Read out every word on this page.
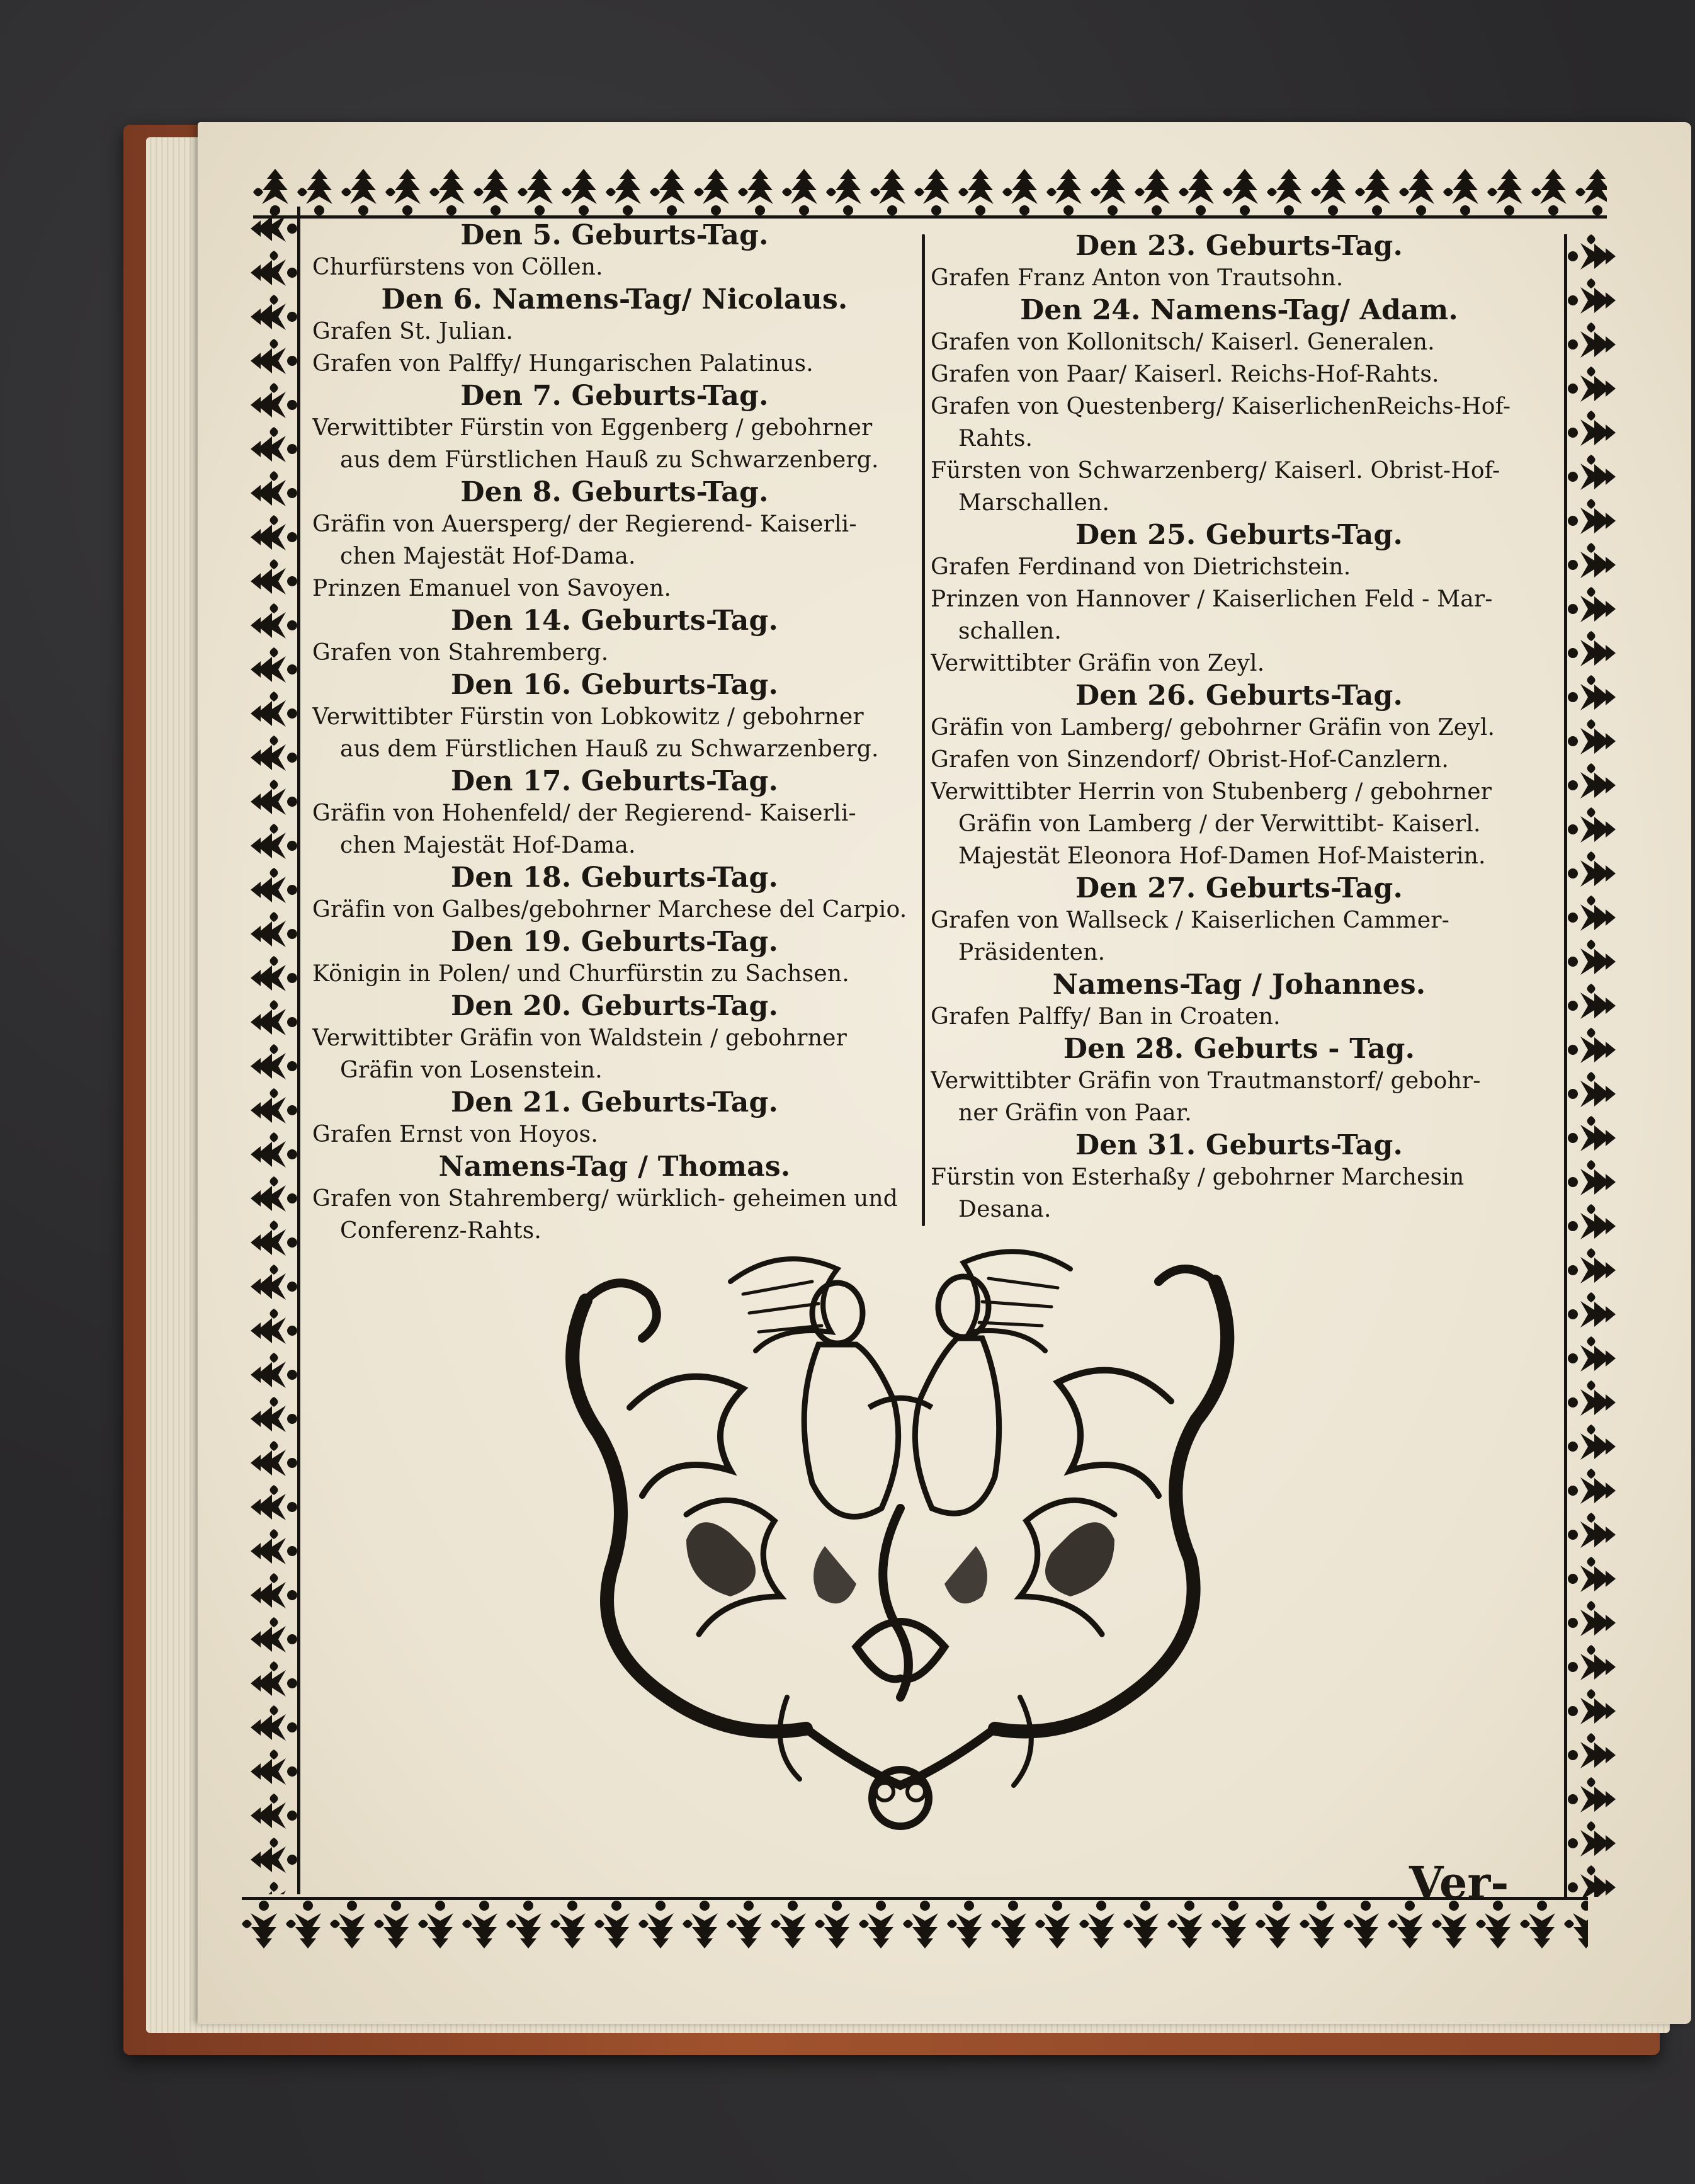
Den 5. Geburts-Tag.
Churfürstens von Cöllen.
Den 6. Namens-Tag/ Nicolaus.
Grafen St. Julian.
Grafen von Palffy/ Hungarischen Palatinus.
Den 7. Geburts-Tag.
Verwittibter Fürstin von Eggenberg / gebohrner
aus dem Fürstlichen Hauß zu Schwarzenberg.
Den 8. Geburts-Tag.
Gräfin von Auersperg/ der Regierend- Kaiserli-
chen Majestät Hof-Dama.
Prinzen Emanuel von Savoyen.
Den 14. Geburts-Tag.
Grafen von Stahremberg.
Den 16. Geburts-Tag.
Verwittibter Fürstin von Lobkowitz / gebohrner
aus dem Fürstlichen Hauß zu Schwarzenberg.
Den 17. Geburts-Tag.
Gräfin von Hohenfeld/ der Regierend- Kaiserli-
chen Majestät Hof-Dama.
Den 18. Geburts-Tag.
Gräfin von Galbes/gebohrner Marchese del Carpio.
Den 19. Geburts-Tag.
Königin in Polen/ und Churfürstin zu Sachsen.
Den 20. Geburts-Tag.
Verwittibter Gräfin von Waldstein / gebohrner
Gräfin von Losenstein.
Den 21. Geburts-Tag.
Grafen Ernst von Hoyos.
Namens-Tag / Thomas.
Grafen von Stahremberg/ würklich- geheimen und
Conferenz-Rahts.
Den 23. Geburts-Tag.
Grafen Franz Anton von Trautsohn.
Den 24. Namens-Tag/ Adam.
Grafen von Kollonitsch/ Kaiserl. Generalen.
Grafen von Paar/ Kaiserl. Reichs-Hof-Rahts.
Grafen von Questenberg/ KaiserlichenReichs-Hof-
Rahts.
Fürsten von Schwarzenberg/ Kaiserl. Obrist-Hof-
Marschallen.
Den 25. Geburts-Tag.
Grafen Ferdinand von Dietrichstein.
Prinzen von Hannover / Kaiserlichen Feld - Mar-
schallen.
Verwittibter Gräfin von Zeyl.
Den 26. Geburts-Tag.
Gräfin von Lamberg/ gebohrner Gräfin von Zeyl.
Grafen von Sinzendorf/ Obrist-Hof-Canzlern.
Verwittibter Herrin von Stubenberg / gebohrner
Gräfin von Lamberg / der Verwittibt- Kaiserl.
Majestät Eleonora Hof-Damen Hof-Maisterin.
Den 27. Geburts-Tag.
Grafen von Wallseck / Kaiserlichen Cammer-
Präsidenten.
Namens-Tag / Johannes.
Grafen Palffy/ Ban in Croaten.
Den 28. Geburts - Tag.
Verwittibter Gräfin von Trautmanstorf/ gebohr-
ner Gräfin von Paar.
Den 31. Geburts-Tag.
Fürstin von Esterhaßy / gebohrner Marchesin
Desana.
Ver-
